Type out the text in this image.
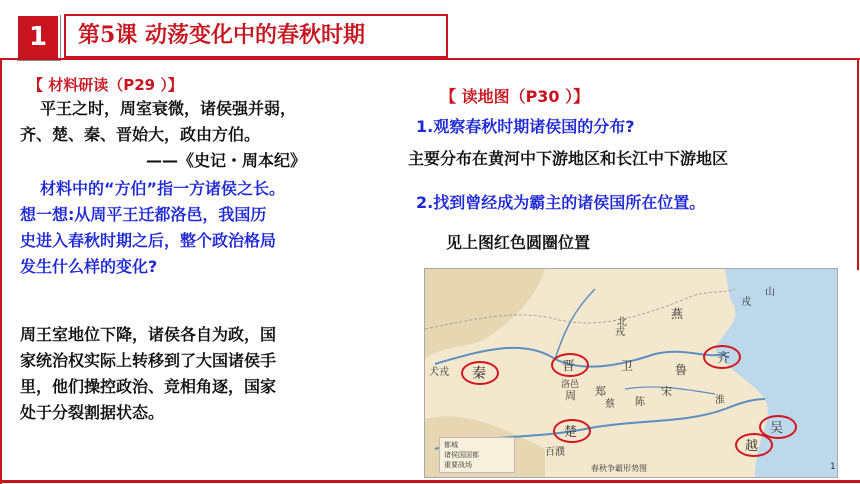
1	第5课 动荡变化中的春秋时期
【 材料研读（P29 ）】
平王之时，周室衰微，诸侯强并弱，
齐、楚、秦、晋始大，政由方伯。
——《史记・周本纪》
材料中的“方伯”指一方诸侯之长。
想一想:从周平王迁都洛邑，我国历
史进入春秋时期之后，整个政治格局
发生什么样的变化?
周王室地位下降，诸侯各自为政，国
家统治权实际上转移到了大国诸侯手
里，他们操控政治、竞相角逐，国家
处于分裂割据状态。
【 读地图（P30 ）】
1.观察春秋时期诸侯国的分布?
主要分布在黄河中下游地区和长江中下游地区
2.找到曾经成为霸主的诸侯国所在位置。
见上图红色圆圈位置
秦	晋
齐
楚	吴
越
卫	鲁
燕
宋
郑
陈
蔡
洛邑
周
山
戎
北
戎
犬戎
百濮
淮
都城
诸侯国国都
重要战场	春秋争霸形势图	1
